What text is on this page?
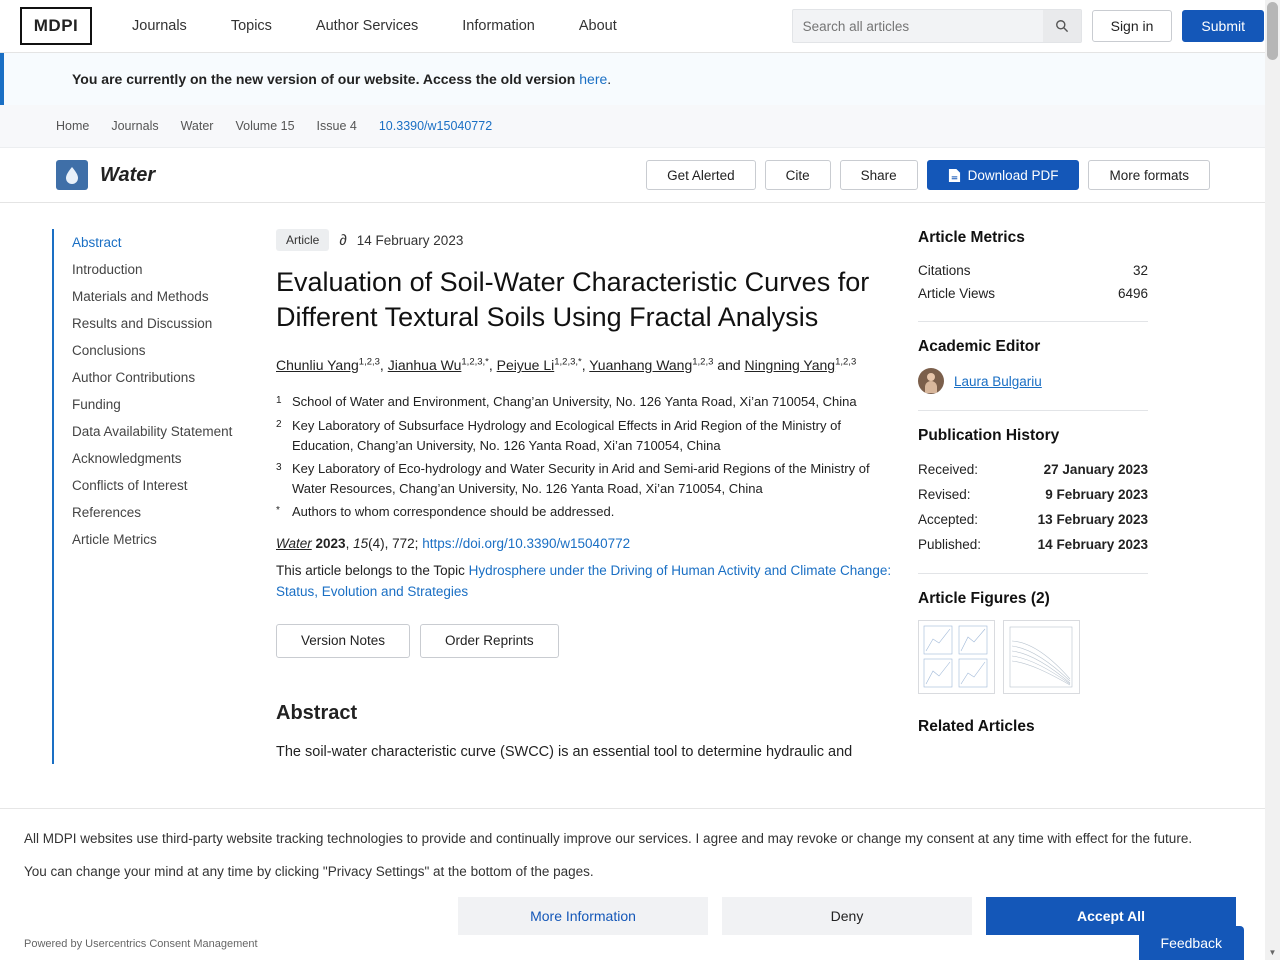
MDPI	Journals	Topics	Author Services	Information	About
Search all articles	Sign in	Submit
You are currently on the new version of our website. Access the old version here.
Home Journals Water Volume 15 Issue 4 10.3390/w15040772
Water	Get Alerted	Cite	Share	Download PDF	More formats
Abstract
Introduction
Materials and Methods
Results and Discussion
Conclusions
Author Contributions
Funding
Data Availability Statement
Acknowledgments
Conflicts of Interest
References
Article Metrics
Article	∂ 14 February 2023
Evaluation of Soil-Water Characteristic Curves for Different Textural Soils Using Fractal Analysis
Chunliu Yang$^{1,2,3}$, Jianhua $Wu^{1,2,3,*}$, Peiyue $Li^{1,2,3,*}$, Yuanhang Wang$^{1,2,3}$ and Ningning Yang$^{1,2,3}$
1 School of Water and Environment, Chang’an University, No. 126 Yanta Road, Xi’an 710054, China
2 Key Laboratory of Subsurface Hydrology and Ecological Effects in Arid Region of the Ministry of Education, Chang’an University, No. 126 Yanta Road, Xi’an 710054, China
3 Key Laboratory of Eco-hydrology and Water Security in Arid and Semi-arid Regions of the Ministry of Water Resources, Chang’an University, No. 126 Yanta Road, Xi’an 710054, China
* Authors to whom correspondence should be addressed.
Water 2023, 15(4), 772; https://doi.org/10.3390/w15040772
This article belongs to the Topic Hydrosphere under the Driving of Human Activity and Climate Change: Status, Evolution and Strategies
Version Notes	Order Reprints
Abstract
The soil-water characteristic curve (SWCC) is an essential tool to determine hydraulic and
Article Metrics
Citations	32
Article Views	6496
Academic Editor
Laura Bulgariu
Publication History
Received:	27 January 2023
Revised:	9 February 2023
Accepted:	13 February 2023
Published:	14 February 2023
Article Figures (2)
Related Articles

All MDPI websites use third-party website tracking technologies to provide and continually improve our services. I agree and may revoke or change my consent at any time with effect for the future.

You can change your mind at any time by clicking "Privacy Settings" at the bottom of the pages.

More Information	Deny	Accept All
Powered by Usercentrics Consent Management	Feedback
▼
